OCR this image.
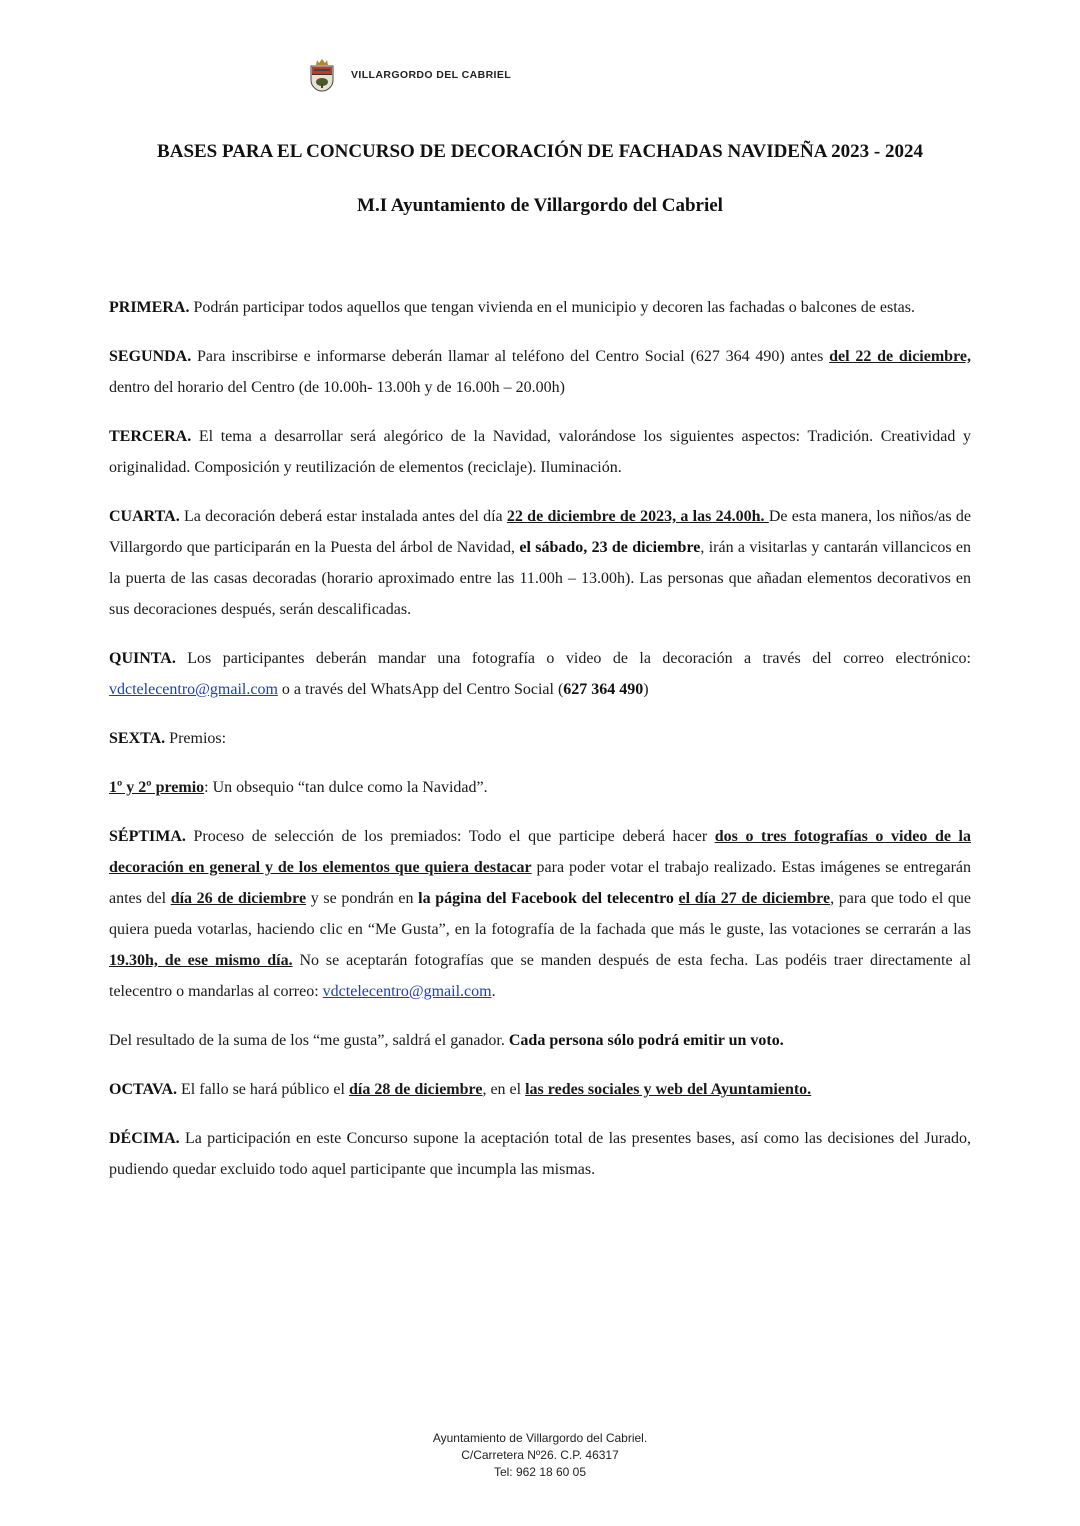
VILLARGORDO DEL CABRIEL
BASES PARA EL CONCURSO DE DECORACIÓN DE FACHADAS NAVIDEÑA 2023 - 2024
M.I Ayuntamiento de Villargordo del Cabriel

PRIMERA. Podrán participar todos aquellos que tengan vivienda en el municipio y decoren las fachadas o balcones de estas.

SEGUNDA. Para inscribirse e informarse deberán llamar al teléfono del Centro Social (627 364 490) antes del 22 de diciembre, dentro del horario del Centro (de 10.00h- 13.00h y de 16.00h – 20.00h)

TERCERA. El tema a desarrollar será alegórico de la Navidad, valorándose los siguientes aspectos: Tradición. Creatividad y originalidad. Composición y reutilización de elementos (reciclaje). Iluminación.

CUARTA. La decoración deberá estar instalada antes del día 22 de diciembre de 2023, a las 24.00h. De esta manera, los niños/as de Villargordo que participarán en la Puesta del árbol de Navidad, el sábado, 23 de diciembre, irán a visitarlas y cantarán villancicos en la puerta de las casas decoradas (horario aproximado entre las 11.00h – 13.00h). Las personas que añadan elementos decorativos en sus decoraciones después, serán descalificadas.

QUINTA. Los participantes deberán mandar una fotografía o video de la decoración a través del correo electrónico: vdctelecentro@gmail.com o a través del WhatsApp del Centro Social (627 364 490)

SEXTA. Premios:

1º y 2º premio: Un obsequio “tan dulce como la Navidad”.

SÉPTIMA. Proceso de selección de los premiados: Todo el que participe deberá hacer dos o tres fotografías o video de la decoración en general y de los elementos que quiera destacar para poder votar el trabajo realizado. Estas imágenes se entregarán antes del día 26 de diciembre y se pondrán en la página del Facebook del telecentro el día 27 de diciembre, para que todo el que quiera pueda votarlas, haciendo clic en “Me Gusta”, en la fotografía de la fachada que más le guste, las votaciones se cerrarán a las 19.30h, de ese mismo día. No se aceptarán fotografías que se manden después de esta fecha. Las podéis traer directamente al telecentro o mandarlas al correo: vdctelecentro@gmail.com.

Del resultado de la suma de los “me gusta”, saldrá el ganador. Cada persona sólo podrá emitir un voto.

OCTAVA. El fallo se hará público el día 28 de diciembre, en el las redes sociales y web del Ayuntamiento.

DÉCIMA. La participación en este Concurso supone la aceptación total de las presentes bases, así como las decisiones del Jurado, pudiendo quedar excluido todo aquel participante que incumpla las mismas.

Ayuntamiento de Villargordo del Cabriel.
C/Carretera Nº26. C.P. 46317
Tel: 962 18 60 05
